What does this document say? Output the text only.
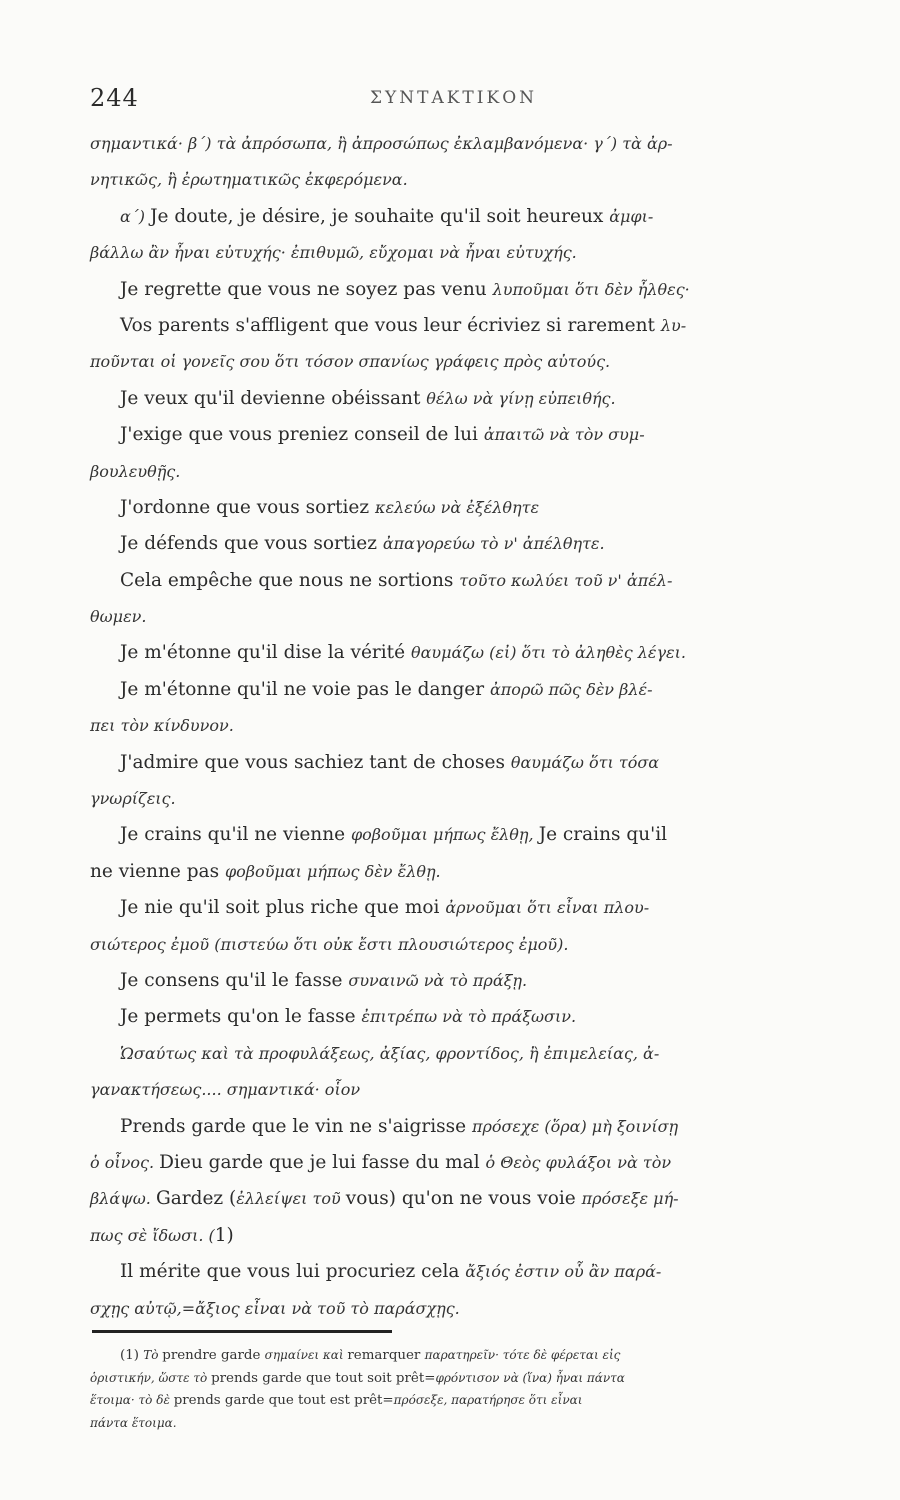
244	ΣΥΝΤΑΚΤΙΚΟΝ
σημαντικά· β΄) τὰ ἀπρόσωπα, ἢ ἀπροσώπως ἐκλαμβανόμενα· γ΄) τὰ ἀρ-
νητικῶς, ἢ ἐρωτηματικῶς ἐκφερόμενα.
α΄) Je doute, je désire, je souhaite qu'il soit heureux ἀμφι-
βάλλω ἂν ἦναι εὐτυχής· ἐπιθυμῶ, εὔχομαι νὰ ἦναι εὐτυχής.
Je regrette que vous ne soyez pas venu λυποῦμαι ὅτι δὲν ἦλθες·
Vos parents s'affligent que vous leur écriviez si rarement λυ-
ποῦνται οἱ γονεῖς σου ὅτι τόσον σπανίως γράφεις πρὸς αὐτούς.
Je veux qu'il devienne obéissant θέλω νὰ γίνῃ εὐπειθής.
J'exige que vous preniez conseil de lui ἀπαιτῶ νὰ τὸν συμ-
βουλευθῇς.
J'ordonne que vous sortiez κελεύω νὰ ἐξέλθητε
Je défends que vous sortiez ἀπαγορεύω τὸ ν' ἀπέλθητε.
Cela empêche que nous ne sortions τοῦτο κωλύει τοῦ ν' ἀπέλ-
θωμεν.
Je m'étonne qu'il dise la vérité θαυμάζω (εἰ) ὅτι τὸ ἀληθὲς λέγει.
Je m'étonne qu'il ne voie pas le danger ἀπορῶ πῶς δὲν βλέ-
πει τὸν κίνδυνον.
J'admire que vous sachiez tant de choses θαυμάζω ὅτι τόσα
γνωρίζεις.
Je crains qu'il ne vienne φοβοῦμαι μήπως ἔλθῃ, Je crains qu'il
ne vienne pas φοβοῦμαι μήπως δὲν ἔλθῃ.
Je nie qu'il soit plus riche que moi ἀρνοῦμαι ὅτι εἶναι πλου-
σιώτερος ἐμοῦ (πιστεύω ὅτι οὐκ ἔστι πλουσιώτερος ἐμοῦ).
Je consens qu'il le fasse συναινῶ νὰ τὸ πράξῃ.
Je permets qu'on le fasse ἐπιτρέπω νὰ τὸ πράξωσιν.
Ὡσαύτως καὶ τὰ προφυλάξεως, ἀξίας, φροντίδος, ἢ ἐπιμελείας, ἀ-
γανακτήσεως.... σημαντικά· οἷον
Prends garde que le vin ne s'aigrisse πρόσεχε (ὅρα) μὴ ξοινίσῃ
ὁ οἶνος. Dieu garde que je lui fasse du mal ὁ Θεὸς φυλάξοι νὰ τὸν
βλάψω. Gardez (ἐλλείψει τοῦ vous) qu'on ne vous voie πρόσεξε μή-
πως σὲ ἴδωσι. (1)
Il mérite que vous lui procuriez cela ἄξιός ἐστιν οὗ ἂν παρά-
σχῃς αὐτῷ,=ἄξιος εἶναι νὰ τοῦ τὸ παράσχῃς.
(1) Τὸ prendre garde σημαίνει καὶ remarquer παρατηρεῖν· τότε δὲ φέρεται εἰς
ὁριστικήν, ὥστε τὸ prends garde que tout soit prêt=φρόντισον νὰ (ἵνα) ἦναι πάντα
ἕτοιμα· τὸ δὲ prends garde que tout est prêt=πρόσεξε, παρατήρησε ὅτι εἶναι
πάντα ἕτοιμα.
